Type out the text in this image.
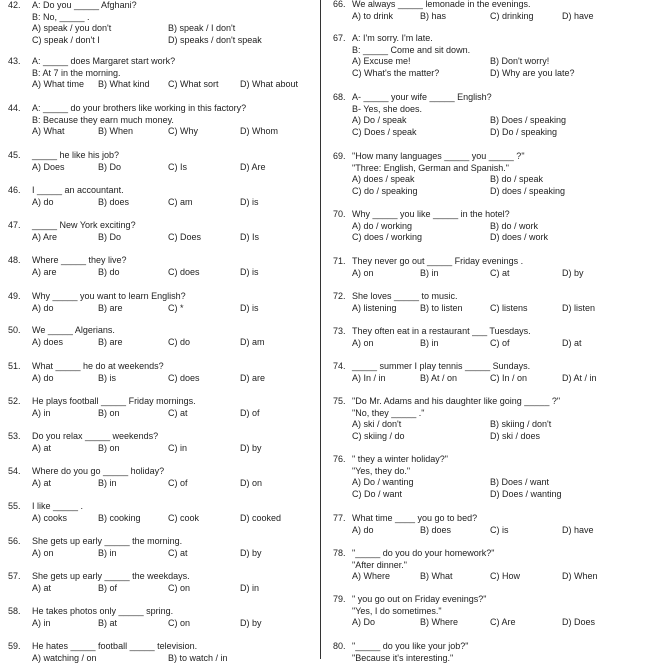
42. A: Do you _____ Afghani?
B: No, _____ .
A) speak / you don't	B) speak / I don't
C) speak / don't I	D) speaks / don't speak
43. A: _____ does Margaret start work?
B: At 7 in the morning.
A) What time B) What kind C) What sort D) What about
44. A: _____ do your brothers like working in this factory?
B: Because they earn much money.
A) What	B) When	C) Why	D) Whom
45. _____ he like his job?
A) Does	B) Do	C) Is	D) Are
46. I _____ an accountant.
A) do	B) does	C) am	D) is
47. _____ New York exciting?
A) Are	B) Do	C) Does	D) Is
48. Where _____ they live?
A) are	B) do	C) does	D) is
49. Why _____ you want to learn English?
A) do	B) are	C) *	D) is
50. We _____ Algerians.
A) does	B) are	C) do	D) am
51. What _____ he do at weekends?
A) do	B) is	C) does	D) are
52. He plays football _____ Friday mornings.
A) in	B) on	C) at	D) of
53. Do you relax _____ weekends?
A) at	B) on	C) in	D) by
54. Where do you go _____ holiday?
A) at	B) in	C) of	D) on
55. I like _____ .
A) cooks	B) cooking	C) cook	D) cooked
56. She gets up early _____ the morning.
A) on	B) in	C) at	D) by
57. She gets up early _____ the weekdays.
A) at	B) of	C) on	D) in
58. He takes photos only _____ spring.
A) in	B) at	C) on	D) by
59. He hates _____ football _____ television.
A) watching / on	B) to watch / in
66. We always _____ lemonade in the evenings.
A) to drink	B) has	C) drinking	D) have
67. A: I'm sorry. I'm late.
B: _____ Come and sit down.
A) Excuse me!	B) Don't worry!
C) What's the matter?	D) Why are you late?
68. A- _____ your wife _____ English?
B- Yes, she does.
A) Do / speak	B) Does / speaking
C) Does / speak	D) Do / speaking
69. "How many languages _____ you _____ ?"
"Three: English, German and Spanish."
A) does / speak	B) do / speak
C) do / speaking	D) does / speaking
70. Why _____ you like _____ in the hotel?
A) do / working	B) do / work
C) does / working	D) does / work
71. They never go out _____ Friday evenings .
A) on	B) in	C) at	D) by
72. She loves _____ to music.
A) listening	B) to listen	C) listens	D) listen
73. They often eat in a restaurant ___ Tuesdays.
A) on	B) in	C) of	D) at
74. _____ summer I play tennis _____ Sundays.
A) In / in	B) At / on	C) In / on	D) At / in
75. "Do Mr. Adams and his daughter like going _____ ?"
"No, they _____ ."
A) ski / don't	B) skiing / don't
C) skiing / do	D) ski / does
76. " they a winter holiday?"
"Yes, they do."
A) Do / wanting	B) Does / want
C) Do / want	D) Does / wanting
77. What time ____ you go to bed?
A) do	B) does	C) is	D) have
78. "_____ do you do your homework?"
"After dinner."
A) Where	B) What	C) How	D) When
79. " you go out on Friday evenings?"
"Yes, I do sometimes."
A) Do	B) Where	C) Are	D) Does
80. "_____ do you like your job?"
"Because it's interesting."
